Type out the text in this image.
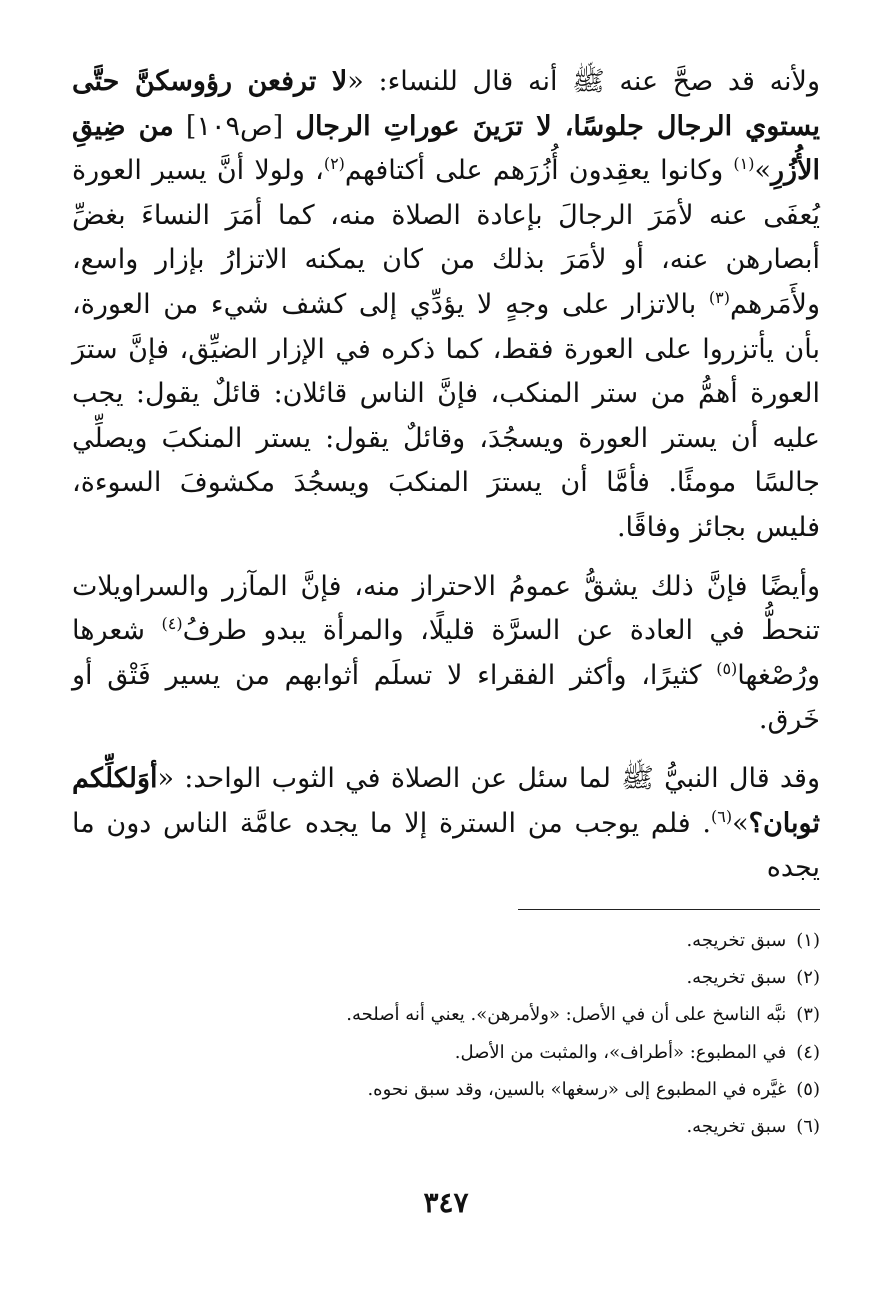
ولأنه قد صحَّ عنه ﷺ أنه قال للنساء: «لا ترفعن رؤوسكنَّ حتَّى يستوي الرجال جلوسًا، لا ترَينَ عوراتِ الرجال [ص١٠٩] من ضِيقِ الأُزُرِ»$^{(١)}$ وكانوا يعقِدون أُزُرَهم على أكتافهم$^{(٢)}$، ولولا أنَّ يسير العورة يُعفَى عنه لأمَرَ الرجالَ بإعادة الصلاة منه، كما أمَرَ النساءَ بغضِّ أبصارهن عنه، أو لأمَرَ بذلك من كان يمكنه الاتزارُ بإزار واسع، ولأَمَرهم$^{(٣)}$ بالاتزار على وجهٍ لا يؤدِّي إلى كشف شيء من العورة، بأن يأتزروا على العورة فقط، كما ذكره في الإزار الضيِّق، فإنَّ سترَ العورة أهمُّ من ستر المنكب، فإنَّ الناس قائلان: قائلٌ يقول: يجب عليه أن يستر العورة ويسجُدَ، وقائلٌ يقول: يستر المنكبَ ويصلِّي جالسًا مومئًا. فأمَّا أن يسترَ المنكبَ ويسجُدَ مكشوفَ السوءة، فليس بجائز وفاقًا.
وأيضًا فإنَّ ذلك يشقُّ عمومُ الاحتراز منه، فإنَّ المآزر والسراويلات تنحطُّ في العادة عن السرَّة قليلًا، والمرأة يبدو طرفُ$^{(٤)}$ شعرها ورُصْغها$^{(٥)}$ كثيرًا، وأكثر الفقراء لا تسلَم أثوابهم من يسير فَتْق أو خَرق.
وقد قال النبيُّ ﷺ لما سئل عن الصلاة في الثوب الواحد: «أوَلكلِّكم ثوبان؟»$^{(٦)}$. فلم يوجب من السترة إلا ما يجده عامَّة الناس دون ما يجده
(١)سبق تخريجه.
(٢)سبق تخريجه.
(٣)نبَّه الناسخ على أن في الأصل: «ولأمرهن». يعني أنه أصلحه.
(٤)في المطبوع: «أطراف»، والمثبت من الأصل.
(٥)غيَّره في المطبوع إلى «رسغها» بالسين، وقد سبق نحوه.
(٦)سبق تخريجه.
٣٤٧
